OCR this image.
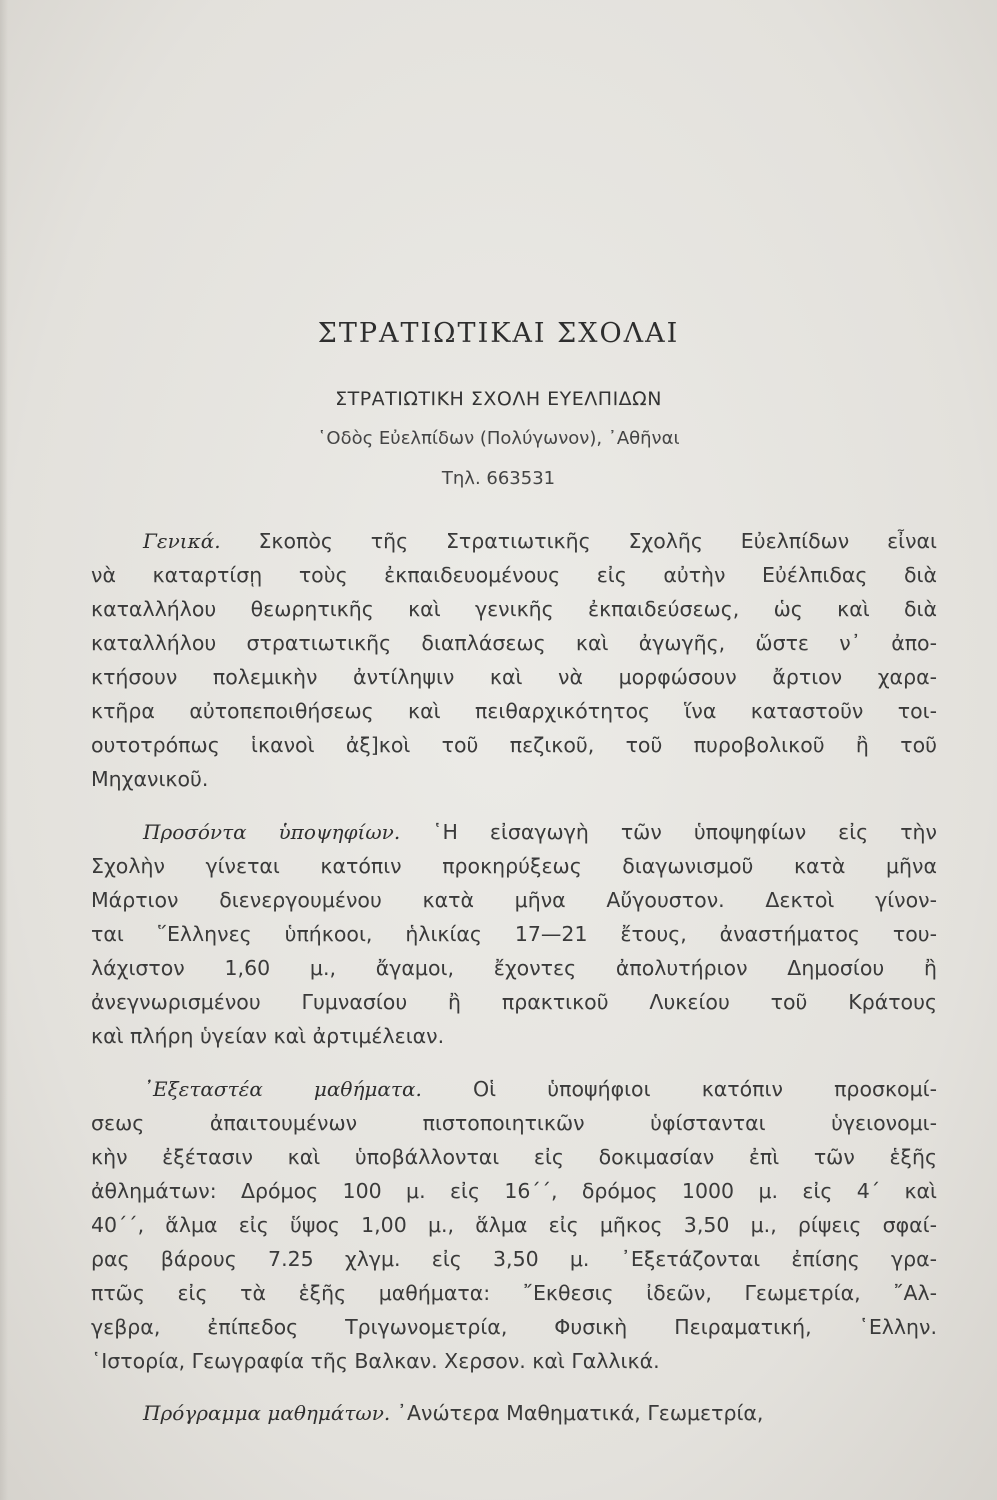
ΣΤΡΑΤΙΩΤΙΚΑΙ ΣΧΟΛΑΙ
ΣΤΡΑΤΙΩΤΙΚΗ ΣΧΟΛΗ ΕΥΕΛΠΙΔΩΝ
῾Οδὸς Εὐελπίδων (Πολύγωνον), ᾿Αθῆναι
Τηλ. 663531
Γενικά. Σκοπὸς τῆς Στρατιωτικῆς Σχολῆς Εὐελπίδων εἶναι
νὰ καταρτίσῃ τοὺς ἐκπαιδευομένους εἰς αὐτὴν Εὐέλπιδας διὰ
καταλλήλου θεωρητικῆς καὶ γενικῆς ἐκπαιδεύσεως, ὡς καὶ διὰ
καταλλήλου στρατιωτικῆς διαπλάσεως καὶ ἀγωγῆς, ὥστε ν᾽ ἀπο-
κτήσουν πολεμικὴν ἀντίληψιν καὶ νὰ μορφώσουν ἄρτιον χαρα-
κτῆρα αὐτοπεποιθήσεως καὶ πειθαρχικότητος ἵνα καταστοῦν τοι-
ουτοτρόπως ἱκανοὶ ἀξ]κοὶ τοῦ πεζικοῦ, τοῦ πυροβολικοῦ ἢ τοῦ
Μηχανικοῦ.
Προσόντα ὑποψηφίων. ῾Η εἰσαγωγὴ τῶν ὑποψηφίων εἰς τὴν
Σχολὴν γίνεται κατόπιν προκηρύξεως διαγωνισμοῦ κατὰ μῆνα
Μάρτιον διενεργουμένου κατὰ μῆνα Αὔγουστον. Δεκτοὶ γίνον-
ται ῞Ελληνες ὑπήκοοι, ἡλικίας 17—21 ἔτους, ἀναστήματος του-
λάχιστον 1,60 μ., ἄγαμοι, ἔχοντες ἀπολυτήριον Δημοσίου ἢ
ἀνεγνωρισμένου Γυμνασίου ἢ πρακτικοῦ Λυκείου τοῦ Κράτους
καὶ πλήρη ὑγείαν καὶ ἀρτιμέλειαν.
᾿Εξεταστέα μαθήματα. Οἱ ὑποψήφιοι κατόπιν προσκομί-
σεως ἀπαιτουμένων πιστοποιητικῶν ὑφίστανται ὑγειονομι-
κὴν ἐξέτασιν καὶ ὑποβάλλονται εἰς δοκιμασίαν ἐπὶ τῶν ἑξῆς
ἀθλημάτων: Δρόμος 100 μ. εἰς 16΄΄, δρόμος 1000 μ. εἰς 4΄ καὶ
40΄΄, ἅλμα εἰς ὕψος 1,00 μ., ἅλμα εἰς μῆκος 3,50 μ., ρίψεις σφαί-
ρας βάρους 7.25 χλγμ. εἰς 3,50 μ. ᾿Εξετάζονται ἐπίσης γρα-
πτῶς εἰς τὰ ἑξῆς μαθήματα: ῎Εκθεσις ἰδεῶν, Γεωμετρία, ῎Αλ-
γεβρα, ἐπίπεδος Τριγωνομετρία, Φυσικὴ Πειραματική, ῾Ελλην.
῾Ιστορία, Γεωγραφία τῆς Βαλκαν. Χερσον. καὶ Γαλλικά.
Πρόγραμμα μαθημάτων. ᾿Ανώτερα Μαθηματικά, Γεωμετρία,
